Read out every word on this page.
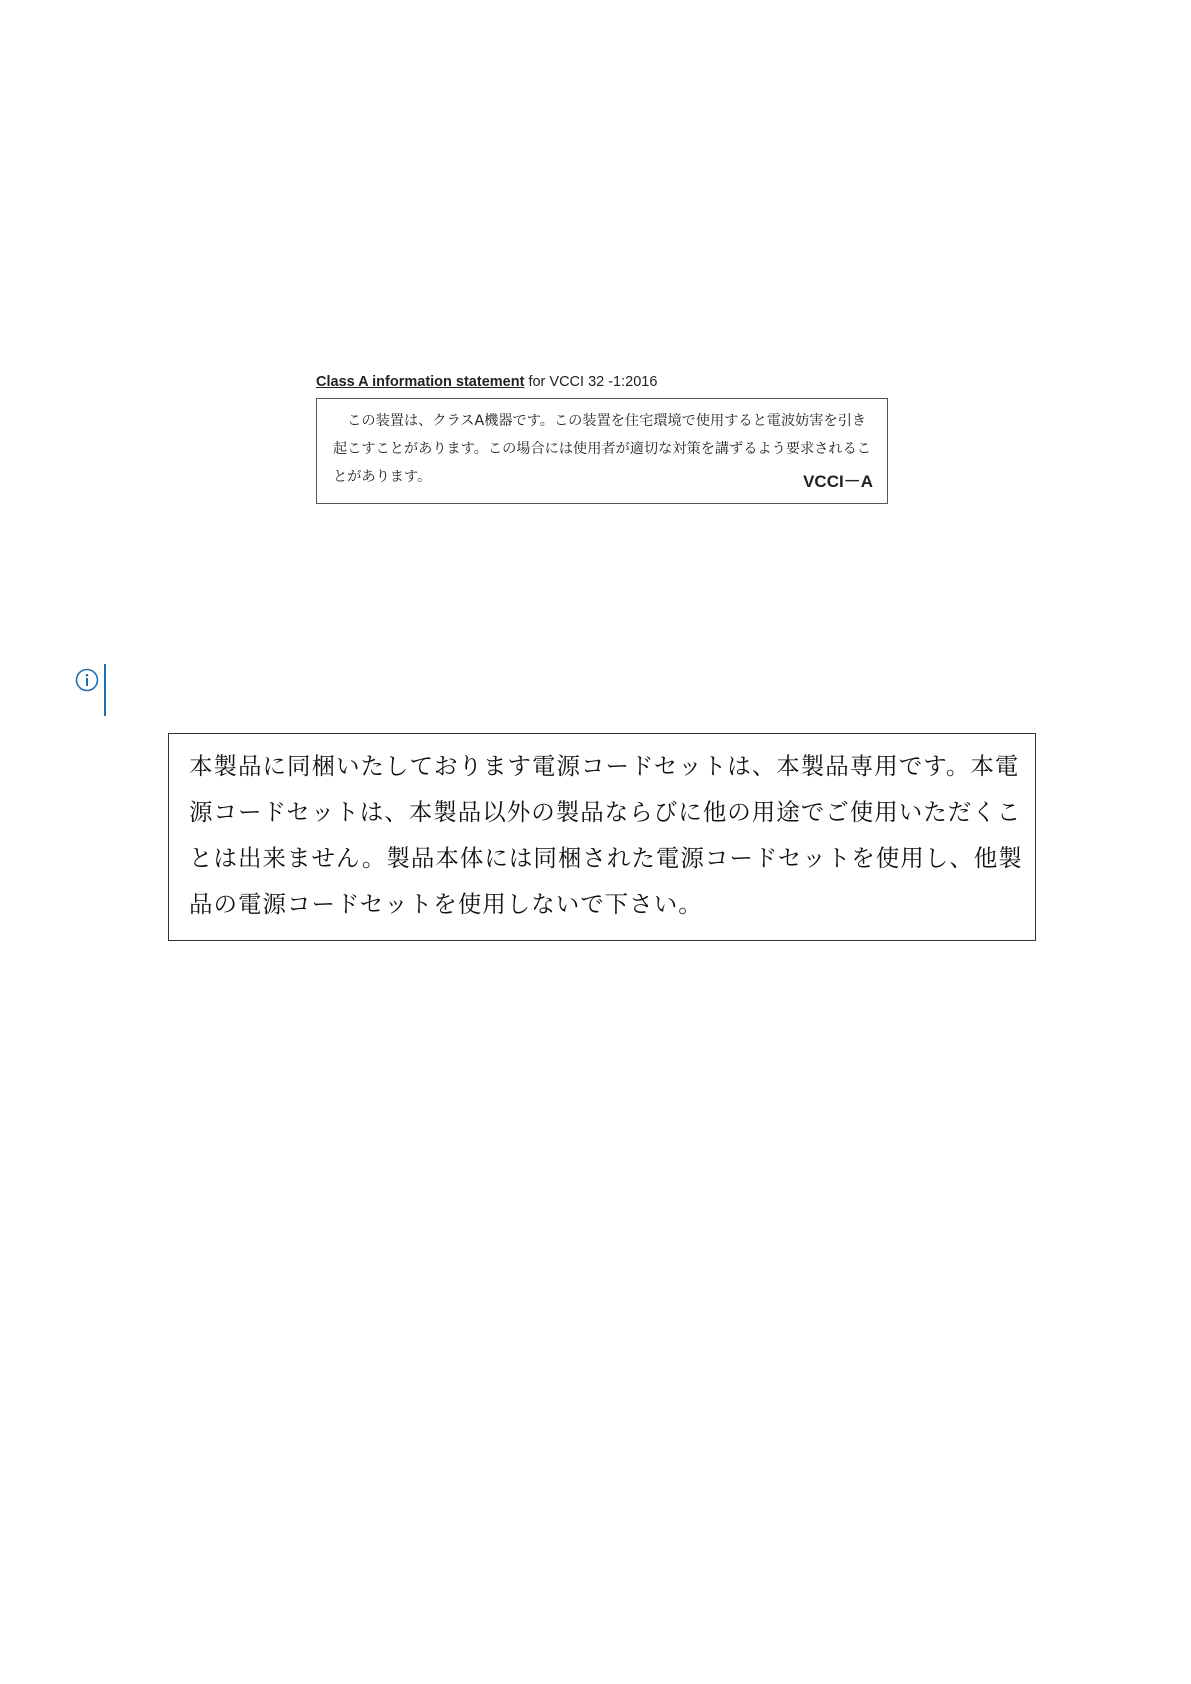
Class A information statement for VCCI 32 -1:2016

この装置は、クラスA機器です。この装置を住宅環境で使用すると電波妨害を引き起こすことがあります。この場合には使用者が適切な対策を講ずるよう要求されることがあります。	VCCI－A

本製品に同梱いたしております電源コードセットは、本製品専用です。本電源コードセットは、本製品以外の製品ならびに他の用途でご使用いただくことは出来ません。製品本体には同梱された電源コードセットを使用し、他製品の電源コードセットを使用しないで下さい。
